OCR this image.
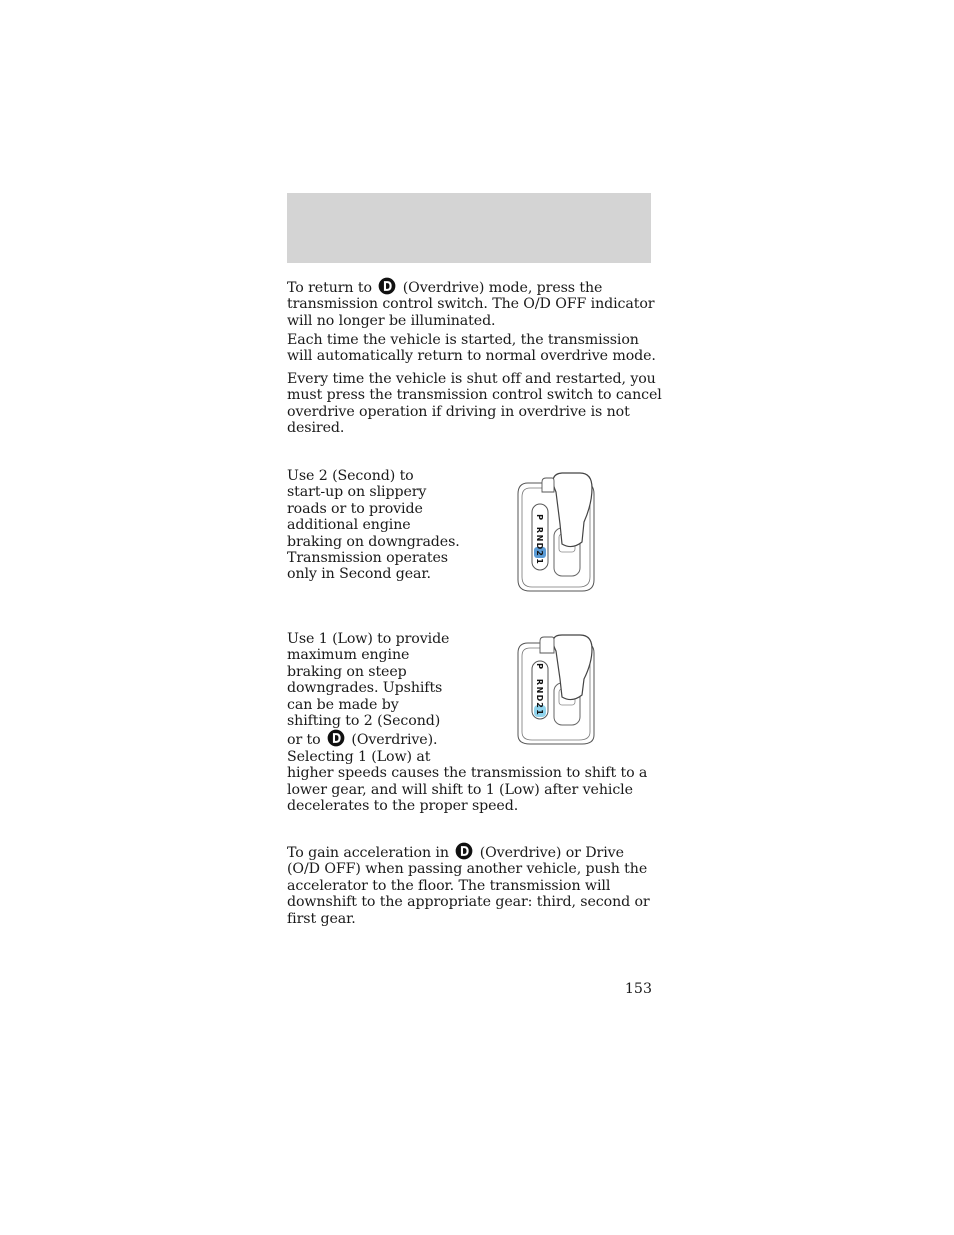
To return to (Overdrive) mode, press the
transmission control switch. The O/D OFF indicator
will no longer be illuminated.

Each time the vehicle is started, the transmission
will automatically return to normal overdrive mode.

Every time the vehicle is shut off and restarted, you
must press the transmission control switch to cancel
overdrive operation if driving in overdrive is not
desired.

Use 2 (Second) to
start-up on slippery
roads or to provide
additional engine
braking on downgrades.
Transmission operates
only in Second gear.

P
R
N
D
2
1

Use 1 (Low) to provide
maximum engine
braking on steep
downgrades. Upshifts
can be made by
shifting to 2 (Second)
or to (Overdrive).
Selecting 1 (Low) at
higher speeds causes the transmission to shift to a
lower gear, and will shift to 1 (Low) after vehicle
decelerates to the proper speed.

P
R
N
D
2
1

To gain acceleration in (Overdrive) or Drive
(O/D OFF) when passing another vehicle, push the
accelerator to the floor. The transmission will
downshift to the appropriate gear: third, second or
first gear.

153
